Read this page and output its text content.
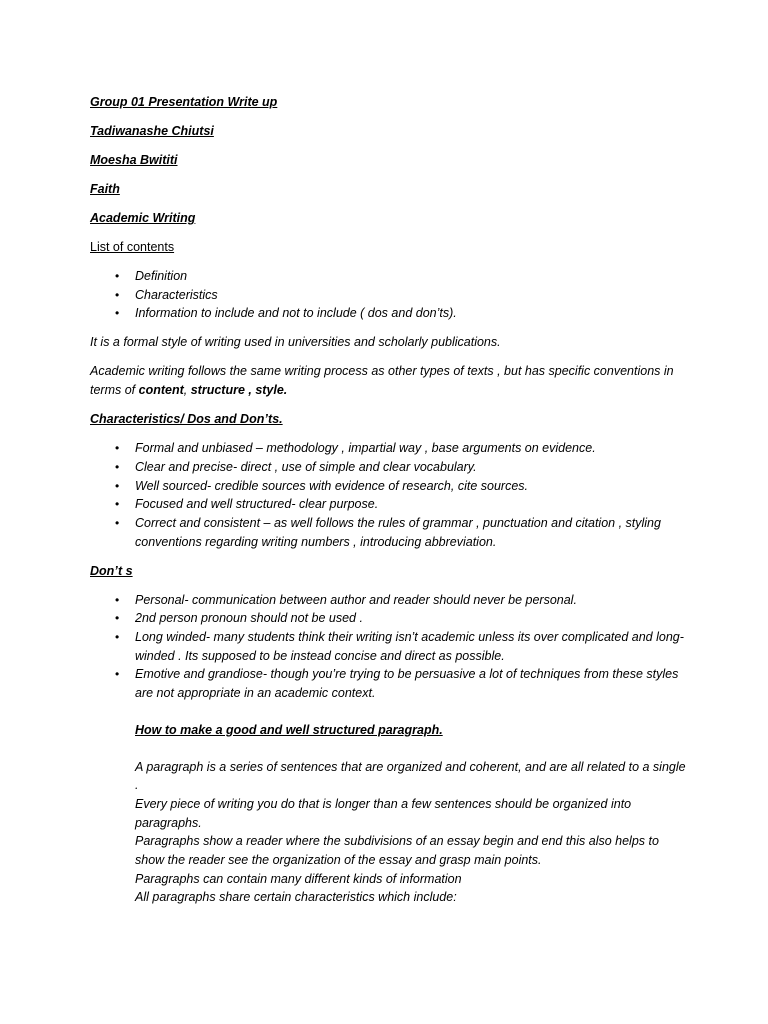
Group 01 Presentation Write up

Tadiwanashe Chiutsi

Moesha Bwititi

Faith

Academic Writing

List of contents

• Definition
• Characteristics
• Information to include and not to include ( dos and don’ts).

It is a formal style of writing used in universities and scholarly publications.

Academic writing follows the same writing process as other types of texts , but has specific conventions in terms of content, structure , style.

Characteristics/ Dos and Don’ts.

• Formal and unbiased – methodology , impartial way , base arguments on evidence.
• Clear and precise- direct , use of simple and clear vocabulary.
• Well sourced- credible sources with evidence of research, cite sources.
• Focused and well structured- clear purpose.
• Correct and consistent – as well follows the rules of grammar , punctuation and citation , styling conventions regarding writing numbers , introducing abbreviation.

Don’t s

• Personal- communication between author and reader should never be personal.
• 2nd person pronoun should not be used .
• Long winded- many students think their writing isn’t academic unless its over complicated and long- winded . Its supposed to be instead concise and direct as possible.
• Emotive and grandiose- though you’re trying to be persuasive a lot of techniques from these styles are not appropriate in an academic context.

How to make a good and well structured paragraph.

A paragraph is a series of sentences that are organized and coherent, and are all related to a single .

Every piece of writing you do that is longer than a few sentences should be organized into paragraphs.

Paragraphs show a reader where the subdivisions of an essay begin and end this also helps to show the reader see the organization of the essay and grasp main points.

Paragraphs can contain many different kinds of information

All paragraphs share certain characteristics which include:
